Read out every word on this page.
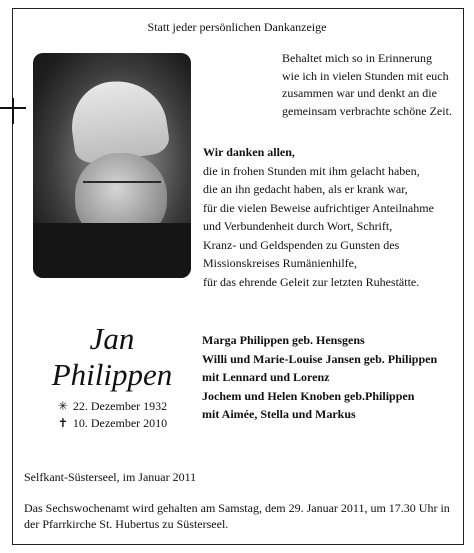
Statt jeder persönlichen Dankanzeige
Behaltet mich so in Erinnerung
wie ich in vielen Stunden mit euch
zusammen war und denkt an die
gemeinsam verbrachte schöne Zeit.
Wir danken allen,
die in frohen Stunden mit ihm gelacht haben,
die an ihn gedacht haben, als er krank war,
für die vielen Beweise aufrichtiger Anteilnahme
und Verbundenheit durch Wort, Schrift,
Kranz- und Geldspenden zu Gunsten des
Missionskreises Rumänienhilfe,
für das ehrende Geleit zur letzten Ruhestätte.
Jan
Philippen
✳ 22. Dezember 1932
✝ 10. Dezember 2010
Marga Philippen geb. Hensgens
Willi und Marie-Louise Jansen geb. Philippen
mit Lennard und Lorenz
Jochem und Helen Knoben geb.Philippen
mit Aimée, Stella und Markus
Selfkant-Süsterseel, im Januar 2011
Das Sechswochenamt wird gehalten am Samstag, dem 29. Januar 2011, um 17.30 Uhr in der Pfarrkirche St. Hubertus zu Süsterseel.
